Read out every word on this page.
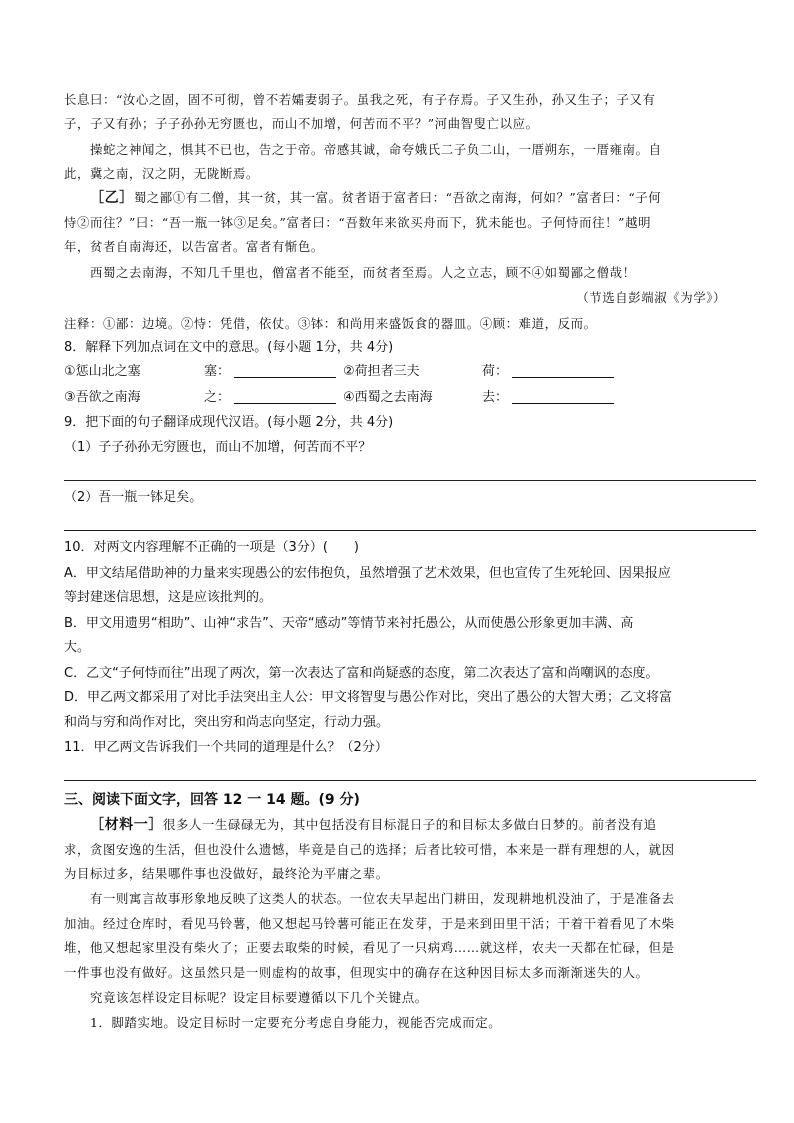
长息曰：“汝心之固，固不可彻，曾不若孀妻弱子。虽我之死，有子存焉。子又生孙，孙又生子；子又有
子，子又有孙；子子孙孙无穷匮也，而山不加增，何苦而不平？”河曲智叟亡以应。
操蛇之神闻之，惧其不已也，告之于帝。帝感其诚，命夸娥氏二子负二山，一厝朔东，一厝雍南。自
此，冀之南，汉之阴，无陇断焉。
［乙］蜀之鄙①有二僧，其一贫，其一富。贫者语于富者曰：“吾欲之南海，何如？”富者曰：“子何
恃②而往？”曰：“吾一瓶一钵③足矣。”富者曰：“吾数年来欲买舟而下，犹未能也。子何恃而往！”越明
年，贫者自南海还，以告富者。富者有惭色。
西蜀之去南海，不知几千里也，僧富者不能至，而贫者至焉。人之立志，顾不④如蜀鄙之僧哉！
（节选自彭端淑《为学》）
注释：①鄙：边境。②恃：凭借，依仗。③钵：和尚用来盛饭食的器皿。④顾：难道，反而。
8．解释下列加点词在文中的意思。(每小题 1分，共 4分)
①惩山北之塞	塞：	②荷担者三夫	荷：
③吾欲之南海	之：	④西蜀之去南海	去：
9．把下面的句子翻译成现代汉语。(每小题 2分，共 4分)
（1）子子孙孙无穷匮也，而山不加增，何苦而不平？
（2）吾一瓶一钵足矣。
10．对两文内容理解不正确的一项是（3分）(　　)
A．甲文结尾借助神的力量来实现愚公的宏伟抱负，虽然增强了艺术效果，但也宣传了生死轮回、因果报应
等封建迷信思想，这是应该批判的。
B．甲文用遗男“相助”、山神“求告”、天帝“感动”等情节来衬托愚公，从而使愚公形象更加丰满、高
大。
C．乙文“子何恃而往”出现了两次，第一次表达了富和尚疑惑的态度，第二次表达了富和尚嘲讽的态度。
D．甲乙两文都采用了对比手法突出主人公：甲文将智叟与愚公作对比，突出了愚公的大智大勇；乙文将富
和尚与穷和尚作对比，突出穷和尚志向坚定，行动力强。
11．甲乙两文告诉我们一个共同的道理是什么？（2分）
三、阅读下面文字，回答 12 一 14 题。(9 分)
［材料一］很多人一生碌碌无为，其中包括没有目标混日子的和目标太多做白日梦的。前者没有追
求，贪图安逸的生活，但也没什么遗憾，毕竟是自己的选择；后者比较可惜，本来是一群有理想的人，就因
为目标过多，结果哪件事也没做好，最终沦为平庸之辈。
有一则寓言故事形象地反映了这类人的状态。一位农夫早起出门耕田，发现耕地机没油了，于是准备去
加油。经过仓库时，看见马铃薯，他又想起马铃薯可能正在发芽，于是来到田里干活；干着干着看见了木柴
堆，他又想起家里没有柴火了；正要去取柴的时候，看见了一只病鸡……就这样，农夫一天都在忙碌，但是
一件事也没有做好。这虽然只是一则虚构的故事，但现实中的确存在这种因目标太多而渐渐迷失的人。
究竟该怎样设定目标呢？设定目标要遵循以下几个关键点。
1．脚踏实地。设定目标时一定要充分考虑自身能力，视能否完成而定。
